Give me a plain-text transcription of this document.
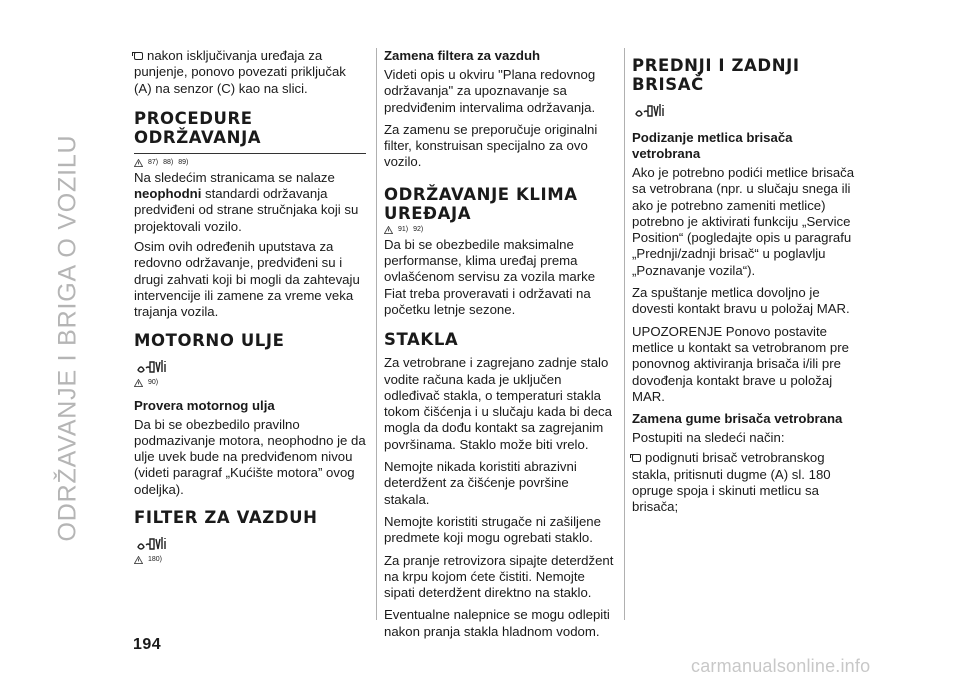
ODRŽAVANJE I BRIGA O VOZILU

nakon isključivanja uređaja za punjenje, ponovo povezati priključak (A) na senzor (C) kao na slici.

PROCEDURE ODRŽAVANJA
87) 88) 89)

Na sledećim stranicama se nalaze
neophodni standardi održavanja predviđeni od strane stručnjaka koji su projektovali vozilo.

Osim ovih određenih uputstava za redovno održavanje, predviđeni su i drugi zahvati koji bi mogli da zahtevaju intervencije ili zamene za vreme veka trajanja vozila.

MOTORNO ULJE
90)
Provera motornog ulja

Da bi se obezbedilo pravilno podmazivanje motora, neophodno je da ulje uvek bude na predviđenom nivou (videti paragraf „Kućište motora” ovog odeljka).

FILTER ZA VAZDUH
180)
Zamena filtera za vazduh

Videti opis u okviru "Plana redovnog održavanja" za upoznavanje sa predviđenim intervalima održavanja.

Za zamenu se preporučuje originalni filter, konstruisan specijalno za ovo vozilo.

ODRŽAVANJE KLIMA UREĐAJA
91) 92)

Da bi se obezbedile maksimalne performanse, klima uređaj prema ovlašćenom servisu za vozila marke Fiat treba proveravati i održavati na početku letnje sezone.

STAKLA

Za vetrobrane i zagrejano zadnje stalo vodite računa kada je uključen odleđivač stakla, o temperaturi stakla tokom čišćenja i u slučaju kada bi deca mogla da dođu kontakt sa zagrejanim površinama. Staklo može biti vrelo.

Nemojte nikada koristiti abrazivni deterdžent za čišćenje površine stakala.

Nemojte koristiti strugače ni zašiljene predmete koji mogu ogrebati staklo.

Za pranje retrovizora sipajte deterdžent na krpu kojom ćete čistiti. Nemojte sipati deterdžent direktno na staklo.

Eventualne nalepnice se mogu odlepiti nakon pranja stakla hladnom vodom.

PREDNJI I ZADNJI BRISAČ
Podizanje metlica brisača vetrobrana

Ako je potrebno podići metlice brisača sa vetrobrana (npr. u slučaju snega ili ako je potrebno zameniti metlice) potrebno je aktivirati funkciju „Service Position“ (pogledajte opis u paragrafu „Prednji/zadnji brisač“ u poglavlju „Poznavanje vozila“).

Za spuštanje metlica dovoljno je dovesti kontakt bravu u položaj MAR.

UPOZORENJE Ponovo postavite metlice u kontakt sa vetrobranom pre ponovnog aktiviranja brisača i/ili pre dovođenja kontakt brave u položaj MAR.

Zamena gume brisača vetrobrana

Postupiti na sledeći način:

podignuti brisač vetrobranskog stakla, pritisnuti dugme (A) sl. 180 opruge spoja i skinuti metlicu sa brisača;

194
carmanualsonline.info
